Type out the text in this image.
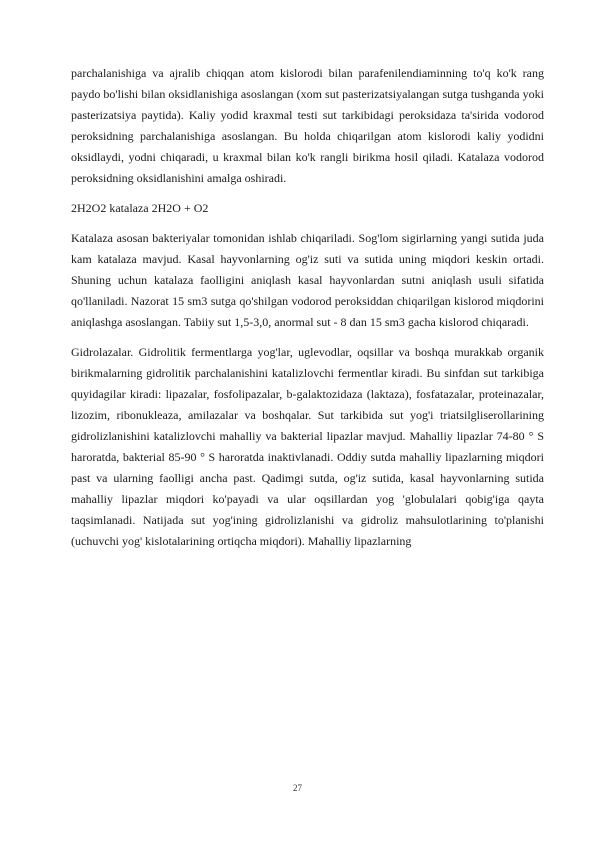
parchalanishiga va ajralib chiqqan atom kislorodi bilan parafenilendiaminning to'q ko'k rang paydo bo'lishi bilan oksidlanishiga asoslangan (xom sut pasterizatsiyalangan sutga tushganda yoki pasterizatsiya paytida). Kaliy yodid kraxmal testi sut tarkibidagi peroksidaza ta'sirida vodorod peroksidning parchalanishiga asoslangan. Bu holda chiqarilgan atom kislorodi kaliy yodidni oksidlaydi, yodni chiqaradi, u kraxmal bilan ko'k rangli birikma hosil qiladi. Katalaza vodorod peroksidning oksidlanishini amalga oshiradi.

2H2O2 katalaza 2H2O + O2

Katalaza asosan bakteriyalar tomonidan ishlab chiqariladi. Sog'lom sigirlarning yangi sutida juda kam katalaza mavjud. Kasal hayvonlarning og'iz suti va sutida uning miqdori keskin ortadi. Shuning uchun katalaza faolligini aniqlash kasal hayvonlardan sutni aniqlash usuli sifatida qo'llaniladi. Nazorat 15 sm3 sutga qo'shilgan vodorod peroksiddan chiqarilgan kislorod miqdorini aniqlashga asoslangan. Tabiiy sut 1,5-3,0, anormal sut - 8 dan 15 sm3 gacha kislorod chiqaradi.

Gidrolazalar. Gidrolitik fermentlarga yog'lar, uglevodlar, oqsillar va boshqa murakkab organik birikmalarning gidrolitik parchalanishini katalizlovchi fermentlar kiradi. Bu sinfdan sut tarkibiga quyidagilar kiradi: lipazalar, fosfolipazalar, b-galaktozidaza (laktaza), fosfatazalar, proteinazalar, lizozim, ribonukleaza, amilazalar va boshqalar. Sut tarkibida sut yog'i triatsilgliserollarining gidrolizlanishini katalizlovchi mahalliy va bakterial lipazlar mavjud. Mahalliy lipazlar 74-80 ° S haroratda, bakterial 85-90 ° S haroratda inaktivlanadi. Oddiy sutda mahalliy lipazlarning miqdori past va ularning faolligi ancha past. Qadimgi sutda, og'iz sutida, kasal hayvonlarning sutida mahalliy lipazlar miqdori ko'payadi va ular oqsillardan yog 'globulalari qobig'iga qayta taqsimlanadi. Natijada sut yog'ining gidrolizlanishi va gidroliz mahsulotlarining to'planishi (uchuvchi yog' kislotalarining ortiqcha miqdori). Mahalliy lipazlarning

27
